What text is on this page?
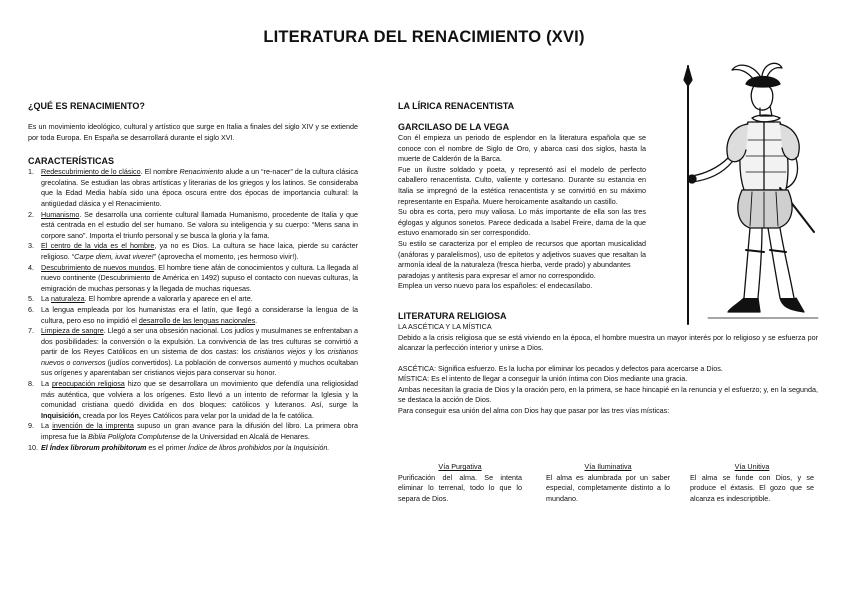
LITERATURA DEL RENACIMIENTO (XVI)
¿QUÉ ES RENACIMIENTO?

Es un movimiento ideológico, cultural y artístico que surge en Italia a finales del siglo XIV y se extiende por toda Europa. En España se desarrollará durante el siglo XVI.

CARACTERÍSTICAS
1. Redescubrimiento de lo clásico. El nombre Renacimiento alude a un “re-nacer” de la cultura clásica grecolatina. Se estudian las obras artísticas y literarias de los griegos y los latinos. Se consideraba que la Edad Media había sido una época oscura entre dos épocas de importancia cultural: la antigüedad clásica y el Renacimiento.
2. Humanismo. Se desarrolla una corriente cultural llamada Humanismo, procedente de Italia y que está centrada en el estudio del ser humano. Se valora su inteligencia y su cuerpo: “Mens sana in corpore sano”. Importa el triunfo personal y se busca la gloria y la fama.
3. El centro de la vida es el hombre, ya no es Dios. La cultura se hace laica, pierde su carácter religioso. “Carpe diem, iuvat vivere!” (aprovecha el momento, ¡es hermoso vivir!).
4. Descubrimiento de nuevos mundos. El hombre tiene afán de conocimientos y cultura. La llegada al nuevo continente (Descubrimiento de América en 1492) supuso el contacto con nuevas culturas, la emigración de muchas personas y la llegada de muchas riquesas.
5. La naturaleza. El hombre aprende a valorarla y aparece en el arte.
6. La lengua empleada por los humanistas era el latín, que llegó a considerarse la lengua de la cultura, pero eso no impidió el desarrollo de las lenguas nacionales.
7. Limpieza de sangre. Llegó a ser una obsesión nacional. Los judíos y musulmanes se enfrentaban a dos posibilidades: la conversión o la expulsión. La convivencia de las tres culturas se convirtió a partir de los Reyes Católicos en un sistema de dos castas: los cristianos viejos y los cristianos nuevos o conversos (judíos convertidos). La población de conversos aumentó y muchos ocultaban sus orígenes y aparentaban ser cristianos viejos para conservar su honor.
8. La preocupación religiosa hizo que se desarrollara un movimiento que defendía una religiosidad más auténtica, que volviera a los orígenes. Esto llevó a un intento de reformar la Iglesia y la comunidad cristiana quedó dividida en dos bloques: católicos y luteranos. Así, surge la Inquisición, creada por los Reyes Católicos para velar por la unidad de la fe católica.
9. La invención de la imprenta supuso un gran avance para la difusión del libro. La primera obra impresa fue la Biblia Políglota Complutense de la Universidad en Alcalá de Henares.
10. El Índex librorum prohibitorum es el primer Índice de libros prohibidos por la Inquisición.
LA LÍRICA RENACENTISTA
GARCILASO DE LA VEGA

Con él empieza un periodo de esplendor en la literatura española que se conoce con el nombre de Siglo de Oro, y abarca casi dos siglos, hasta la muerte de Calderón de la Barca.

Fue un ilustre soldado y poeta, y representó así el modelo de perfecto caballero renacentista. Culto, valiente y cortesano. Durante su estancia en Italia se impregnó de la estética renacentista y se convirtió en su máximo representante en España. Muere heroicamente asaltando un castillo.

Su obra es corta, pero muy valiosa. Lo más importante de ella son las tres églogas y algunos sonetos. Parece dedicada a Isabel Freire, dama de la que estuvo enamorado sin ser correspondido.

Su estilo se caracteriza por el empleo de recursos que aportan musicalidad (anáforas y paralelismos), uso de epítetos y adjetivos suaves que resaltan la armonía ideal de la naturaleza (fresca hierba, verde prado) y abundantes

paradojas y antítesis para expresar el amor no correspondido.

Emplea un verso nuevo para los españoles: el endecasílabo.

LITERATURA RELIGIOSA

LA ASCÉTICA Y LA MÍSTICA

Debido a la crisis religiosa que se está viviendo en la época, el hombre muestra un mayor interés por lo religioso y se esfuerza por alcanzar la perfección interior y unirse a Dios.

ASCÉTICA: Significa esfuerzo. Es la lucha por eliminar los pecados y defectos para acercarse a Dios.

MÍSTICA: Es el intento de llegar a conseguir la unión íntima con Dios mediante una gracia.

Ambas necesitan la gracia de Dios y la oración pero, en la primera, se hace hincapié en la renuncia y el esfuerzo; y, en la segunda, se destaca la acción de Dios.

Para conseguir esa unión del alma con Dios hay que pasar por las tres vías místicas:

Vía Purgativa

Purificación del alma. Se intenta eliminar lo terrenal, todo lo que lo separa de Dios.

Vía Iluminativa

El alma es alumbrada por un saber especial, completamente distinto a lo mundano.

Vía Unitiva

El alma se funde con Dios, y se produce el éxtasis. El gozo que se alcanza es indescriptible.
